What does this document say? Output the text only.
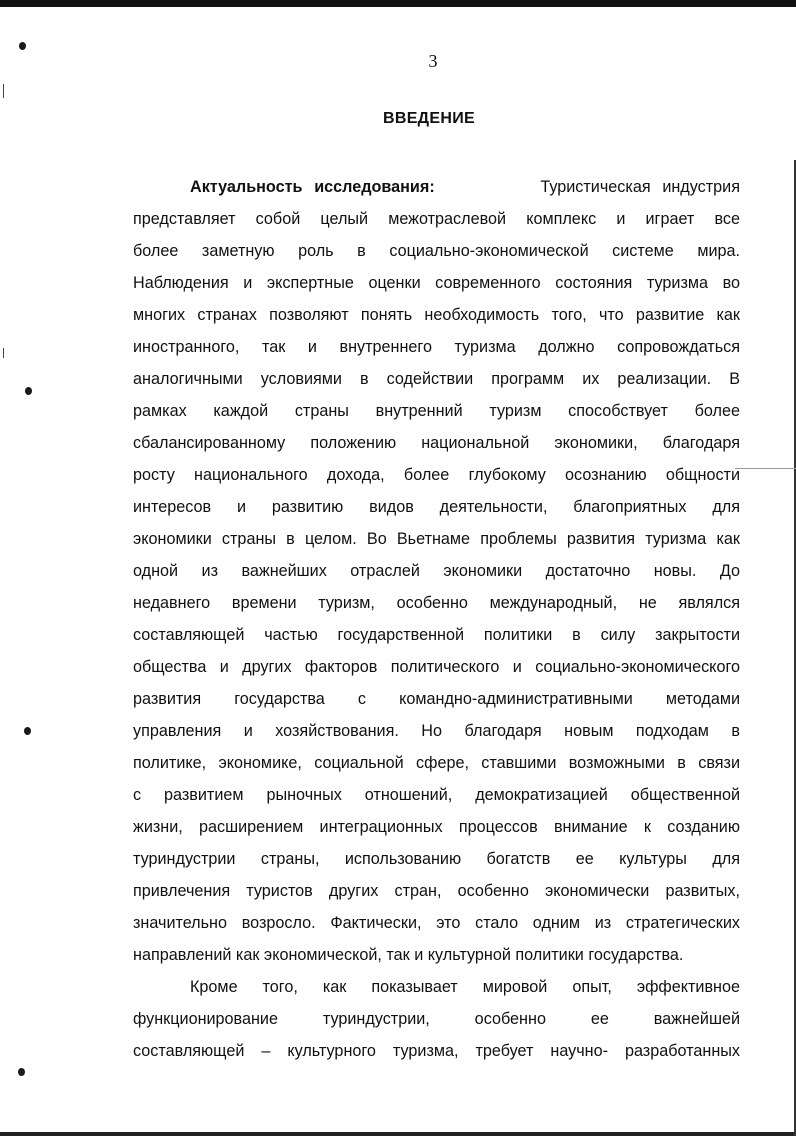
3
ВВЕДЕНИЕ
Актуальность исследования:	Туристическая индустрия
представляет собой целый межотраслевой комплекс и играет все
более заметную роль в социально-экономической системе мира.
Наблюдения и экспертные оценки современного состояния туризма во
многих странах позволяют понять необходимость того, что развитие как
иностранного, так и внутреннего туризма должно сопровождаться
аналогичными условиями в содействии программ их реализации. В
рамках каждой страны внутренний туризм способствует более
сбалансированному положению национальной экономики, благодаря
росту национального дохода, более глубокому осознанию общности
интересов и развитию видов деятельности, благоприятных для
экономики страны в целом. Во Вьетнаме проблемы развития туризма как
одной из важнейших отраслей экономики достаточно новы. До
недавнего времени туризм, особенно международный, не являлся
составляющей частью государственной политики в силу закрытости
общества и других факторов политического и социально-экономического
развития государства с командно-административными методами
управления и хозяйствования. Но благодаря новым подходам в
политике, экономике, социальной сфере, ставшими возможными в связи
с развитием рыночных отношений, демократизацией общественной
жизни, расширением интеграционных процессов внимание к созданию
туриндустрии страны, использованию богатств ее культуры для
привлечения туристов других стран, особенно экономически развитых,
значительно возросло. Фактически, это стало одним из стратегических
направлений как экономической, так и культурной политики государства.
Кроме того, как показывает мировой опыт, эффективное
функционирование туриндустрии, особенно ее важнейшей
составляющей – культурного туризма, требует научно- разработанных
